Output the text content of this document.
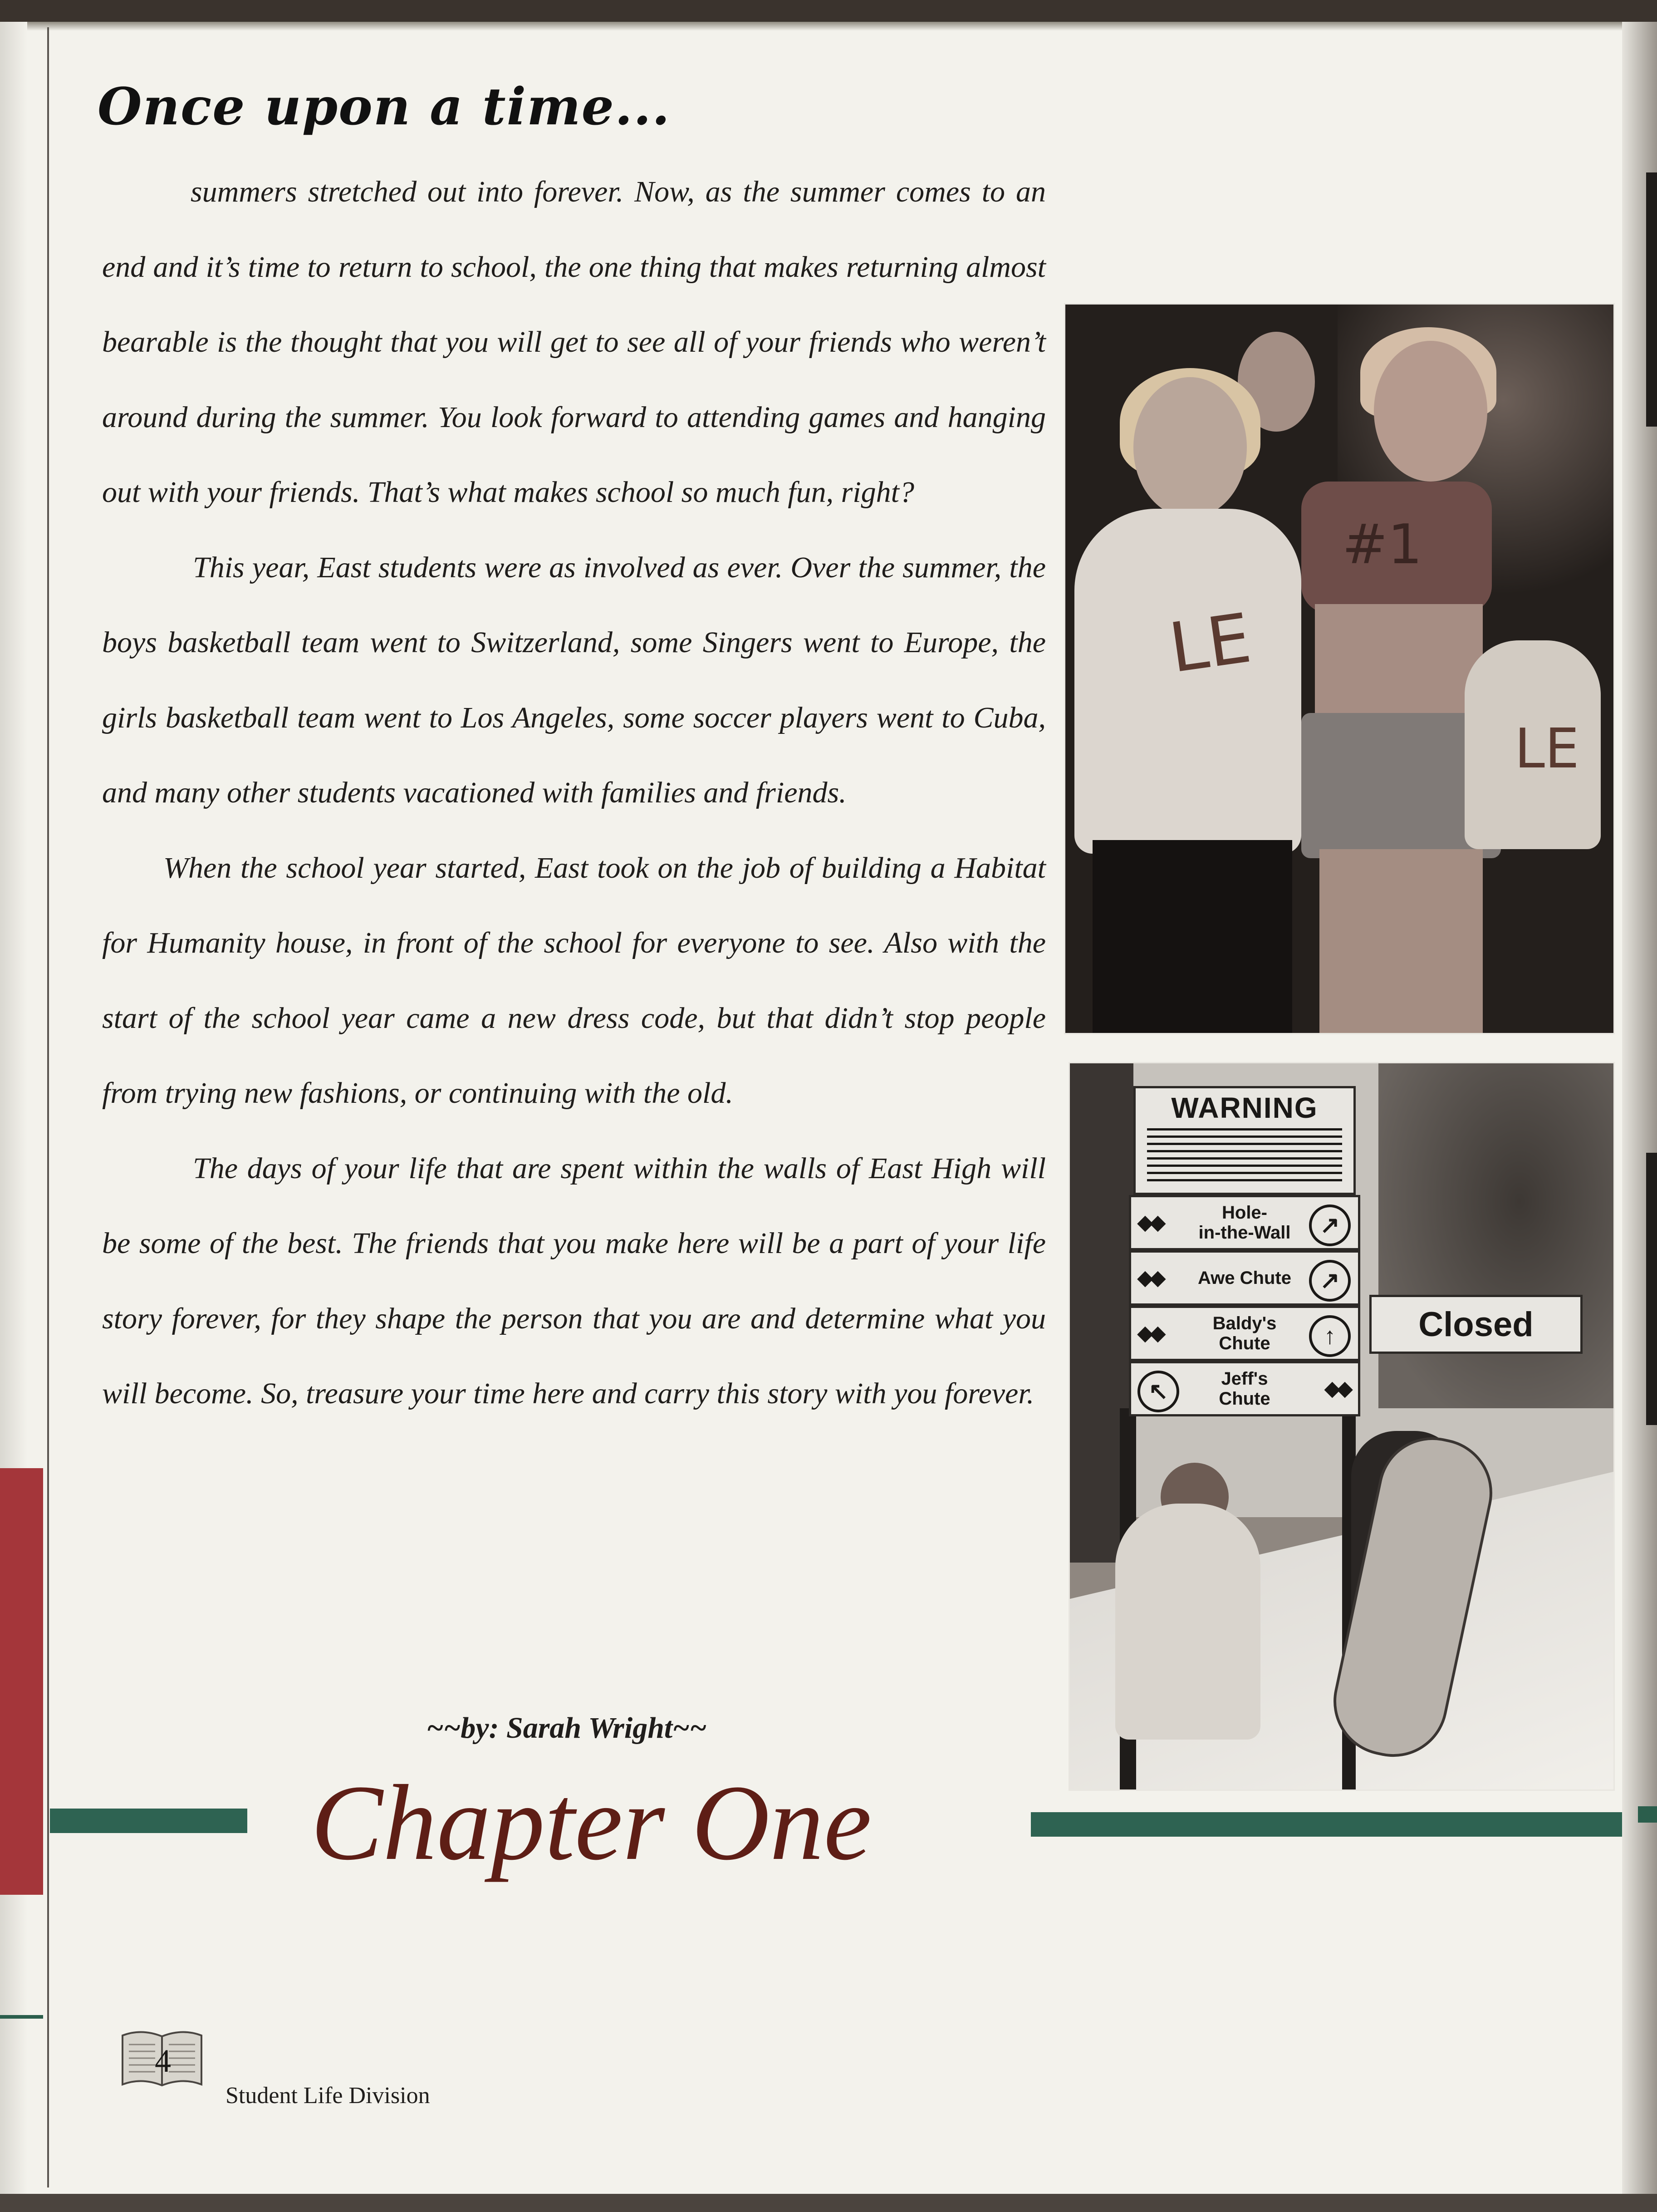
Once upon a time...

summers stretched out into forever. Now, as the summer comes to an end and it’s time to return to school, the one thing that makes returning almost bearable is the thought that you will get to see all of your friends who weren’t around during the summer. You look forward to attending games and hanging out with your friends. That’s what makes school so much fun, right?

This year, East students were as involved as ever. Over the summer, the boys basketball team went to Switzerland, some Singers went to Europe, the girls basketball team went to Los Angeles, some soccer players went to Cuba, and many other students vacationed with families and friends.

When the school year started, East took on the job of building a Habitat for Humanity house, in front of the school for everyone to see. Also with the start of the school year came a new dress code, but that didn’t stop people from trying new fashions, or continuing with the old.

The days of your life that are spent within the walls of East High will be some of the best. The friends that you make here will be a part of your life story forever, for they shape the person that you are and determine what you will become. So, treasure your time here and carry this story with you forever.

~~by: Sarah Wright~~
Chapter One
LE
#1
LE
WARNING
◆◆	Hole-
in-the-Wall	↗
◆◆ Awe Chute	↗
◆◆	Baldy's
Chute	↑
↖	Jeff's
Chute	◆◆
Closed
4
Student Life Division
